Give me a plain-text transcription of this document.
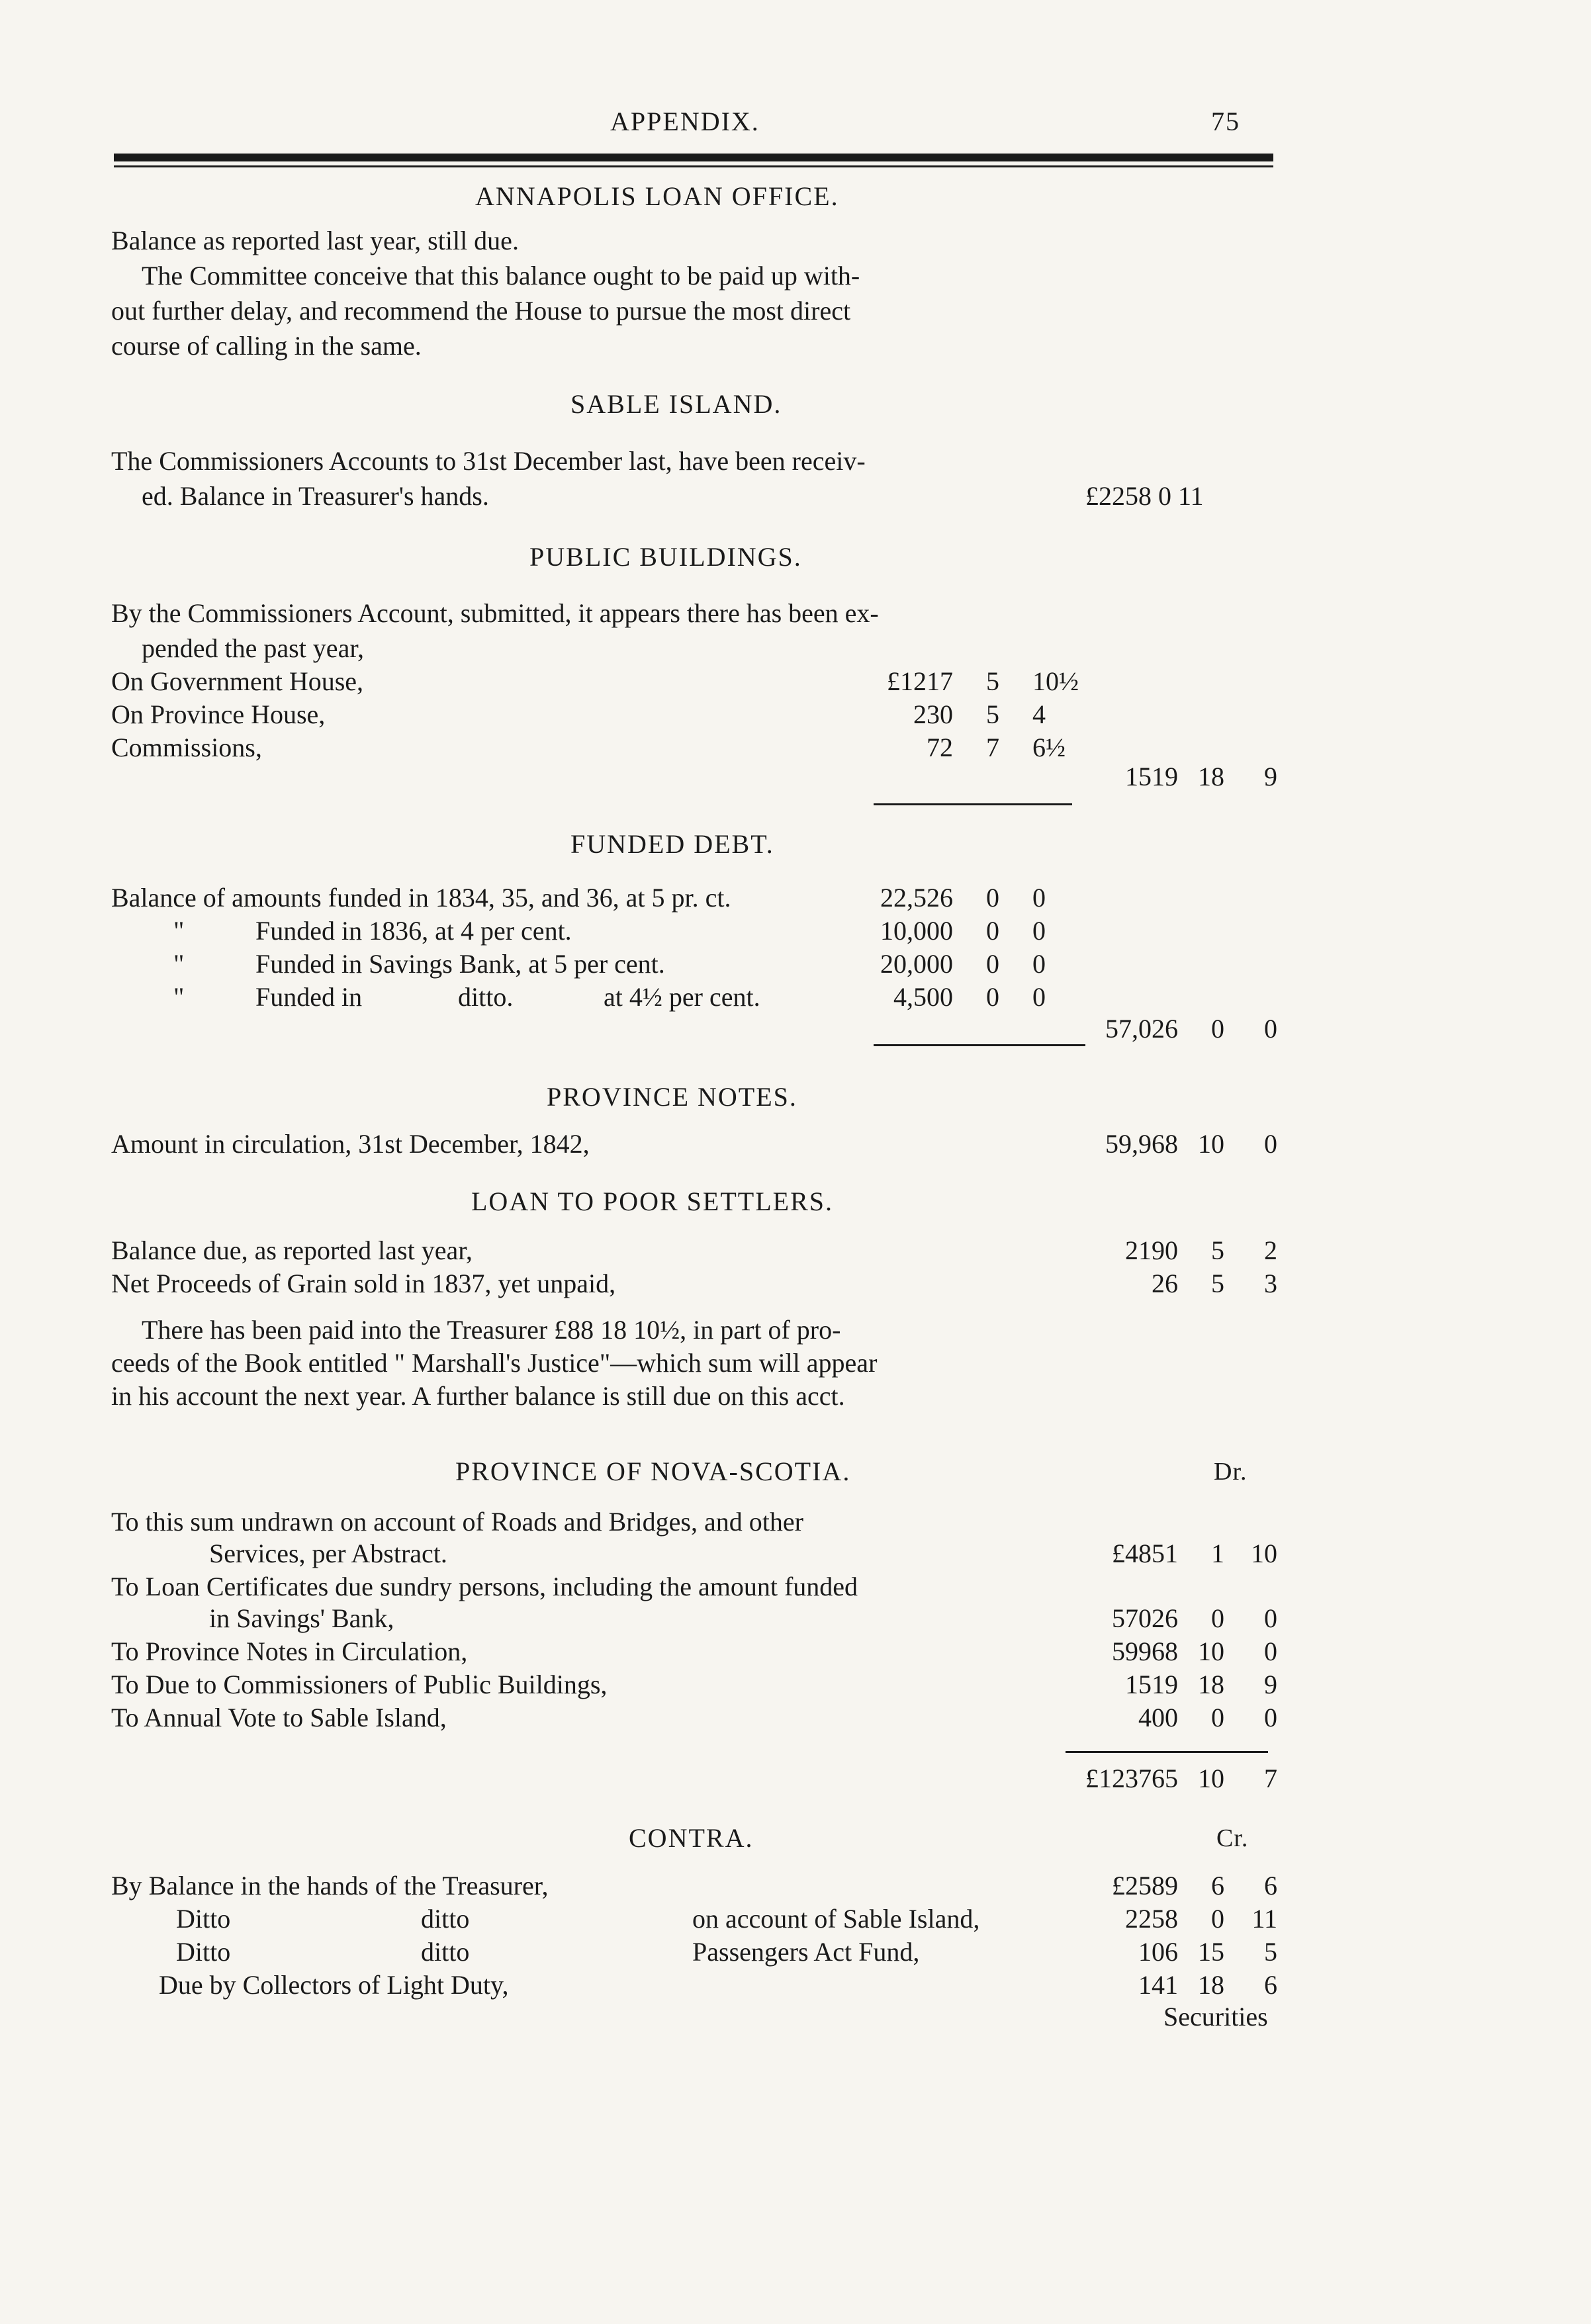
APPENDIX.	75
ANNAPOLIS LOAN OFFICE.
Balance as reported last year, still due.
The Committee conceive that this balance ought to be paid up with-
out further delay, and recommend the House to pursue the most direct
course of calling in the same.
SABLE ISLAND.
The Commissioners Accounts to 31st December last, have been receiv-
ed. Balance in Treasurer's hands.	£2258 0 11
PUBLIC BUILDINGS.
By the Commissioners Account, submitted, it appears there has been ex-
pended the past year,
On Government House,	£1217	5 10½
On Province House,	230	5 4
Commissions,	72	7 6½
1519 18	9
FUNDED DEBT.
Balance of amounts funded in 1834, 35, and 36, at 5 pr. ct.	22,526	0	0
"	Funded in 1836, at 4 per cent.	10,000	0	0
"	Funded in Savings Bank, at 5 per cent.	20,000	0	0
"	Funded in	ditto.	at 4½ per cent.	4,500	0	0
57,026	0	0
PROVINCE NOTES.
Amount in circulation, 31st December, 1842,	59,968 10	0
LOAN TO POOR SETTLERS.
Balance due, as reported last year,	2190	5	2
Net Proceeds of Grain sold in 1837, yet unpaid,	26	5	3
There has been paid into the Treasurer £88 18 10½, in part of pro-
ceeds of the Book entitled " Marshall's Justice"—which sum will appear
in his account the next year. A further balance is still due on this acct.
PROVINCE OF NOVA-SCOTIA.	Dr.
To this sum undrawn on account of Roads and Bridges, and other
Services, per Abstract.	£4851	1	10
To Loan Certificates due sundry persons, including the amount funded
in Savings' Bank,	57026	0	0
To Province Notes in Circulation,	59968 10	0
To Due to Commissioners of Public Buildings,	1519 18	9
To Annual Vote to Sable Island,	400	0	0
£123765 10	7
CONTRA.	Cr.
By Balance in the hands of the Treasurer,	£2589	6	6
Ditto	ditto	on account of Sable Island,	2258	0	11
Ditto	ditto	Passengers Act Fund,	106 15	5
Due by Collectors of Light Duty,	141 18	6
Securities
